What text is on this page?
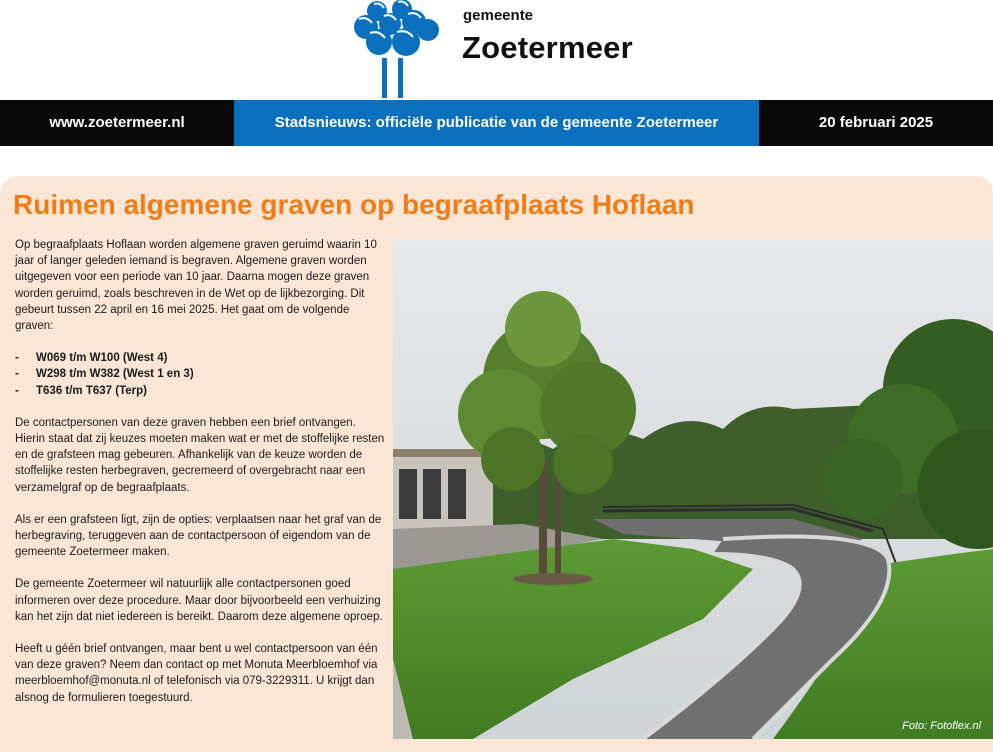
gemeente
Zoetermeer
www.zoetermeer.nl	Stadsnieuws: officiële publicatie van de gemeente Zoetermeer	20 februari 2025
Ruimen algemene graven op begraafplaats Hoflaan

Op begraafplaats Hoflaan worden algemene graven geruimd waarin 10 jaar of langer geleden iemand is begraven. Algemene graven worden uitgegeven voor een periode van 10 jaar. Daarna mogen deze graven worden geruimd, zoals beschreven in de Wet op de lijkbezorging. Dit gebeurt tussen 22 april en 16 mei 2025. Het gaat om de volgende graven:

- W069 t/m W100 (West 4)
- W298 t/m W382 (West 1 en 3)
- T636 t/m T637 (Terp)

De contactpersonen van deze graven hebben een brief ontvangen. Hierin staat dat zij keuzes moeten maken wat er met de stoffelijke resten en de grafsteen mag gebeuren. Afhankelijk van de keuze worden de stoffelijke resten herbegraven, gecremeerd of overgebracht naar een verzamelgraf op de begraafplaats.

Als er een grafsteen ligt, zijn de opties: verplaatsen naar het graf van de herbegraving, teruggeven aan de contactpersoon of eigendom van de gemeente Zoetermeer maken.

De gemeente Zoetermeer wil natuurlijk alle contactpersonen goed informeren over deze procedure. Maar door bijvoorbeeld een verhuizing kan het zijn dat niet iedereen is bereikt. Daarom deze algemene oproep.

Heeft u géén brief ontvangen, maar bent u wel contactpersoon van één van deze graven? Neem dan contact op met Monuta Meerbloemhof via meerbloemhof@monuta.nl of telefonisch via 079-3229311. U krijgt dan alsnog de formulieren toegestuurd.

Foto: Fotoflex.nl
